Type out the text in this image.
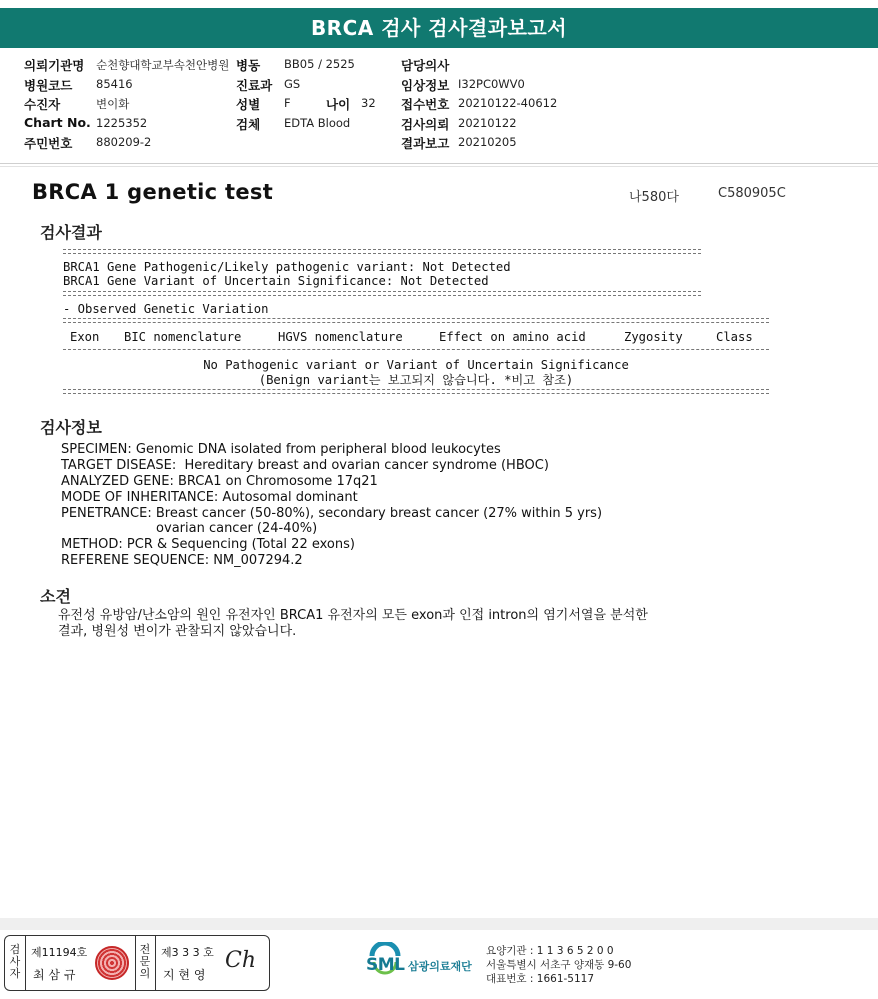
BRCA 검사 검사결과보고서
의뢰기관명 순천향대학교부속천안병원 병동 BB05 / 2525	담당의사
병원코드 85416	진료과 GS	임상정보 I32PC0WV0
수진자	변이화	성별 F	나이 32 접수번호 20210122-40612
Chart No. 1225352	검체 EDTA Blood	검사의뢰 20210122
주민번호 880209-2	결과보고 20210205
BRCA 1 genetic test	나580다	C580905C
검사결과
BRCA1 Gene Pathogenic/Likely pathogenic variant: Not Detected
BRCA1 Gene Variant of Uncertain Significance: Not Detected
- Observed Genetic Variation
Exon BIC nomenclature	HGVS nomenclature	Effect on amino acid	Zygosity	Class
No Pathogenic variant or Variant of Uncertain Significance
(Benign variant는 보고되지 않습니다. *비고 참조)
검사정보
SPECIMEN: Genomic DNA isolated from peripheral blood leukocytes
TARGET DISEASE:  Hereditary breast and ovarian cancer syndrome (HBOC)
ANALYZED GENE: BRCA1 on Chromosome 17q21
MODE OF INHERITANCE: Autosomal dominant
PENETRANCE: Breast cancer (50-80%), secondary breast cancer (27% within 5 yrs)
ovarian cancer (24-40%)
METHOD: PCR & Sequencing (Total 22 exons)
REFERENE SEQUENCE: NM_007294.2
소견
유전성 유방암/난소암의 원인 유전자인 BRCA1 유전자의 모든 exon과 인접 intron의 염기서열을 분석한
결과, 병원성 변이가 관찰되지 않았습니다.
검사자
제11194호
최 삼 규
전문의
제3 3 3 호
지 현 영
Ch	SML 삼광의료재단
요양기관 : 1 1 3 6 5 2 0 0
서울특별시 서초구 양재동 9-60
대표번호 : 1661-5117
